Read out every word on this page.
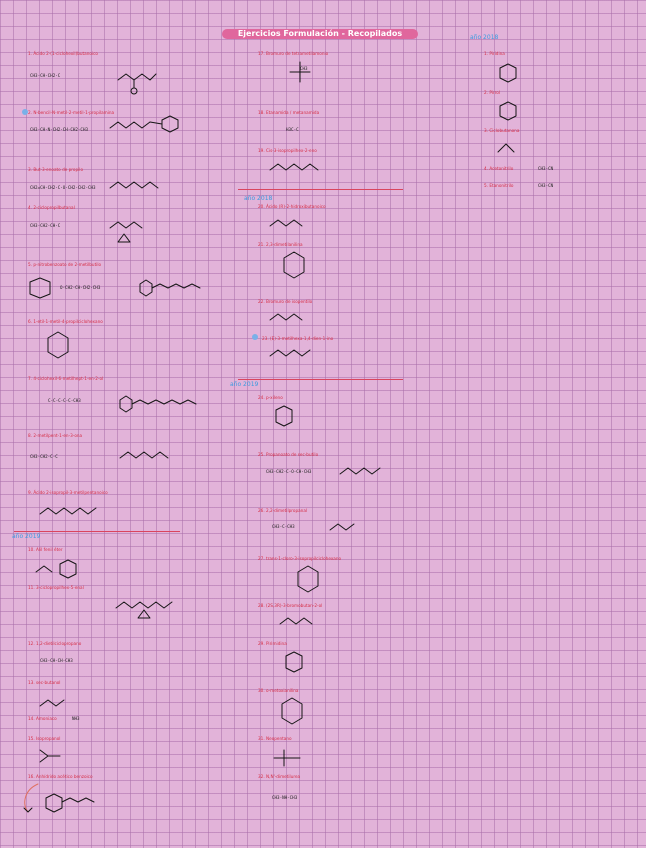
Ejercicios Formulación - Recopilados	año 2018
año 2018
año 2019
año 2019
1. Ácido 2-(1-ciclohexil)butanoico
2. N-bencil-N-metil-2-metil-1-propilamina
3. But-3-enoato de propilo
4. 2-ciclopropilbutanal
5. p-nitrobenzoato de 2-metilbutilo
6. 1-etil-1-metil-4-propilciclohexano
7. 4-ciclohexil-6-metilhept-1-en-2-ol
8. 2-metilpent-1-en-3-ona
9. Ácido 2-isopropil-3-metilpentanoico
10. Alil fenil éter
11. 3-ciclopropilhex-5-enal
12. 1,2-dietilciclopropano
13. sec-butanol
14. Amoniaco
15. Isopropanol
16. Anhídrido acético benzoico
17. Bromuro de tetrametilamonio
18. Etanamida / metanamida
19. Cis-3-isopropilhex-2-eno
20. Ácido (R)-2-hidroxibutanoico
21. 2,3-dimetilanilina
22. Bromuro de isopentilo
23. (E)-3-metilhexa-1,4-dien-1-ino
24. p-xileno
25. Propanoato de sec-butilo
26. 2,2-dimetilpropanal
27. trans-1-cloro-3-isopropilciclohexano
28. (2S,3R)-3-bromobutan-2-ol
29. Pirimidina
30. o-metoxianilina
31. Neopentano
32. N,N'-dimetilurea
1. Piridina
2. Pirrol
3. Ciclobutanona
4. Acetonitrilo
5. Etanonitrilo
CH3-CH-CH2-C
CH3-CH-N-CH2-CH-CH2-CH3
CH2=CH-CH2-C-O-CH2-CH2-CH3
CH3-CH2-CH-C
O-CH2-CH-CH2-CH3
C-C-C-C-C-CH3
CH3-CH2-C-C
CH3-CH-CH-CH3
NH3
CH3
H3C-C
CH3-CH2-C-O-CH-CH3
CH3-C-CH3
CH3-NH-CH3
CH3-CN
CH3-CN
